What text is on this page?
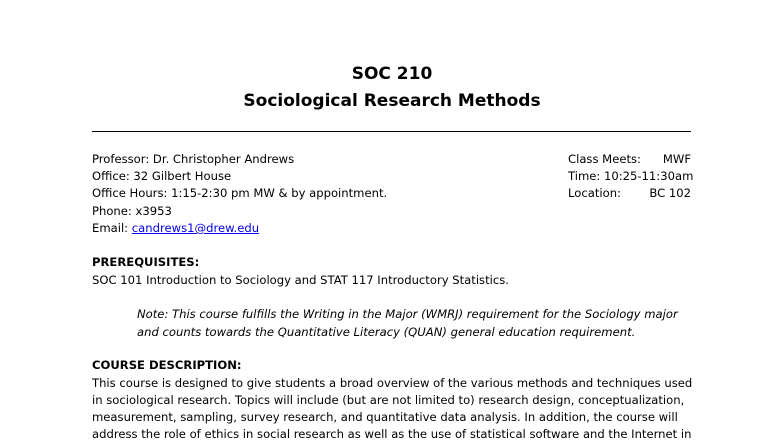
SOC 210
Sociological Research Methods
Professor: Dr. Christopher Andrews
Office: 32 Gilbert House
Office Hours: 1:15-2:30 pm MW & by appointment.
Phone: x3953
Email: candrews1@drew.edu
Class Meets: MWF
Time: 10:25-11:30am
Location: BC 102
PREREQUISITES:
SOC 101 Introduction to Sociology and STAT 117 Introductory Statistics.
Note: This course fulfills the Writing in the Major (WMRJ) requirement for the Sociology major
and counts towards the Quantitative Literacy (QUAN) general education requirement.
COURSE DESCRIPTION:
This course is designed to give students a broad overview of the various methods and techniques used
in sociological research. Topics will include (but are not limited to) research design, conceptualization,
measurement, sampling, survey research, and quantitative data analysis. In addition, the course will
address the role of ethics in social research as well as the use of statistical software and the Internet in
